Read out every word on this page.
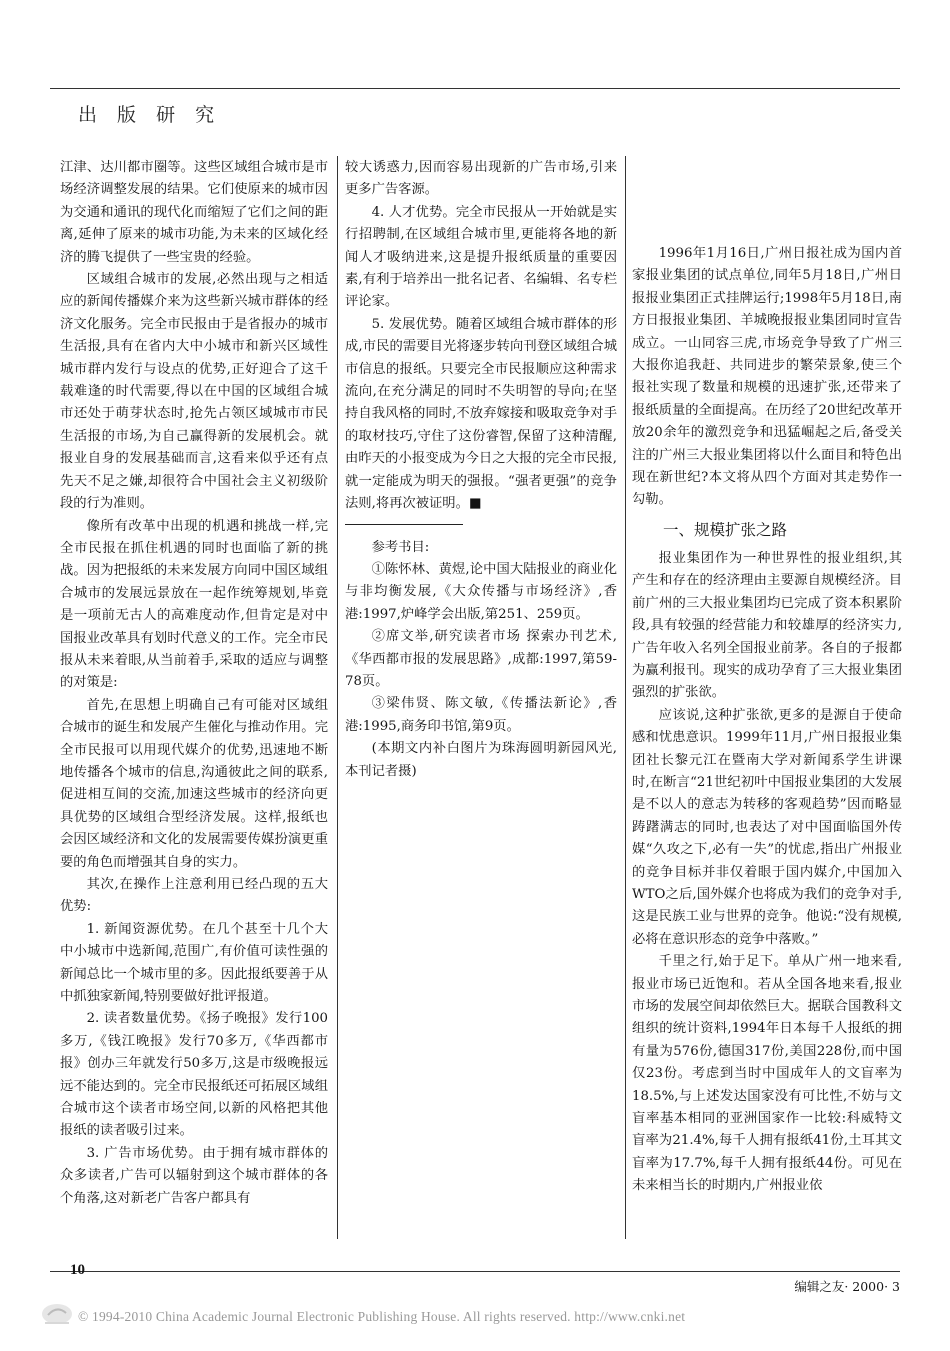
出 版 研 究

江津、达川都市圈等。这些区域组合城市是市场经济调整发展的结果。它们使原来的城市因为交通和通讯的现代化而缩短了它们之间的距离,延伸了原来的城市功能,为未来的区域化经济的腾飞提供了一些宝贵的经验。

区域组合城市的发展,必然出现与之相适应的新闻传播媒介来为这些新兴城市群体的经济文化服务。完全市民报由于是省报办的城市生活报,具有在省内大中小城市和新兴区域性城市群内发行与设点的优势,正好迎合了这千载难逢的时代需要,得以在中国的区域组合城市还处于萌芽状态时,抢先占领区域城市市民生活报的市场,为自己赢得新的发展机会。就报业自身的发展基础而言,这看来似乎还有点先天不足之嫌,却很符合中国社会主义初级阶段的行为准则。

像所有改革中出现的机遇和挑战一样,完全市民报在抓住机遇的同时也面临了新的挑战。因为把报纸的未来发展方向同中国区域组合城市的发展远景放在一起作统筹规划,毕竟是一项前无古人的高难度动作,但肯定是对中国报业改革具有划时代意义的工作。完全市民报从未来着眼,从当前着手,采取的适应与调整的对策是:

首先,在思想上明确自己有可能对区域组合城市的诞生和发展产生催化与推动作用。完全市民报可以用现代媒介的优势,迅速地不断地传播各个城市的信息,沟通彼此之间的联系,促进相互间的交流,加速这些城市的经济向更具优势的区域组合型经济发展。这样,报纸也会因区域经济和文化的发展需要传媒扮演更重要的角色而增强其自身的实力。

其次,在操作上注意利用已经凸现的五大优势:

1. 新闻资源优势。在几个甚至十几个大中小城市中选新闻,范围广,有价值可读性强的新闻总比一个城市里的多。因此报纸要善于从中抓独家新闻,特别要做好批评报道。

2. 读者数量优势。《扬子晚报》发行100多万,《钱江晚报》发行70多万,《华西都市报》创办三年就发行50多万,这是市级晚报远远不能达到的。完全市民报纸还可拓展区域组合城市这个读者市场空间,以新的风格把其他报纸的读者吸引过来。

3. 广告市场优势。由于拥有城市群体的众多读者,广告可以辐射到这个城市群体的各个角落,这对新老广告客户都具有

较大诱惑力,因而容易出现新的广告市场,引来更多广告客源。

4. 人才优势。完全市民报从一开始就是实行招聘制,在区域组合城市里,更能将各地的新闻人才吸纳进来,这是提升报纸质量的重要因素,有利于培养出一批名记者、名编辑、名专栏评论家。

5. 发展优势。随着区域组合城市群体的形成,市民的需要目光将逐步转向刊登区域组合城市信息的报纸。只要完全市民报顺应这种需求流向,在充分满足的同时不失明智的导向;在坚持自我风格的同时,不放弃嫁接和吸取竞争对手的取材技巧,守住了这份睿智,保留了这种清醒,由昨天的小报变成为今日之大报的完全市民报,就一定能成为明天的强报。“强者更强”的竞争法则,将再次被证明。■

参考书目:

①陈怀林、黄煜,论中国大陆报业的商业化与非均衡发展,《大众传播与市场经济》,香港:1997,炉峰学会出版,第251、259页。

②席文举,研究读者市场 探索办刊艺术,《华西都市报的发展思路》,成都:1997,第59-78页。

③梁伟贤、陈文敏,《传播法新论》,香港:1995,商务印书馆,第9页。

(本期文内补白图片为珠海圆明新园风光,本刊记者摄)

1996年1月16日,广州日报社成为国内首家报业集团的试点单位,同年5月18日,广州日报报业集团正式挂牌运行;1998年5月18日,南方日报报业集团、羊城晚报报业集团同时宣告成立。一山同容三虎,市场竞争导致了广州三大报你追我赶、共同进步的繁荣景象,使三个报社实现了数量和规模的迅速扩张,还带来了报纸质量的全面提高。在历经了20世纪改革开放20余年的激烈竞争和迅猛崛起之后,备受关注的广州三大报业集团将以什么面目和特色出现在新世纪?本文将从四个方面对其走势作一勾勒。

一、规模扩张之路

报业集团作为一种世界性的报业组织,其产生和存在的经济理由主要源自规模经济。目前广州的三大报业集团均已完成了资本积累阶段,具有较强的经营能力和较雄厚的经济实力,广告年收入名列全国报业前茅。各自的子报都为赢利报刊。现实的成功孕育了三大报业集团强烈的扩张欲。

应该说,这种扩张欲,更多的是源自于使命感和忧患意识。1999年11月,广州日报报业集团社长黎元江在暨南大学对新闻系学生讲课时,在断言“21世纪初叶中国报业集团的大发展是不以人的意志为转移的客观趋势”因而略显踌躇满志的同时,也表达了对中国面临国外传媒“久攻之下,必有一失”的忧虑,指出广州报业的竞争目标并非仅着眼于国内媒介,中国加入WTO之后,国外媒介也将成为我们的竞争对手,这是民族工业与世界的竞争。他说:“没有规模,必将在意识形态的竞争中落败。”

千里之行,始于足下。单从广州一地来看,报业市场已近饱和。若从全国各地来看,报业市场的发展空间却依然巨大。据联合国教科文组织的统计资料,1994年日本每千人报纸的拥有量为576份,德国317份,美国228份,而中国仅23份。考虑到当时中国成年人的文盲率为18.5%,与上述发达国家没有可比性,不妨与文盲率基本相同的亚洲国家作一比较:科威特文盲率为21.4%,每千人拥有报纸41份,土耳其文盲率为17.7%,每千人拥有报纸44份。可见在未来相当长的时期内,广州报业依

10
编辑之友· 2000· 3
© 1994-2010 China Academic Journal Electronic Publishing House. All rights reserved. http://www.cnki.net
